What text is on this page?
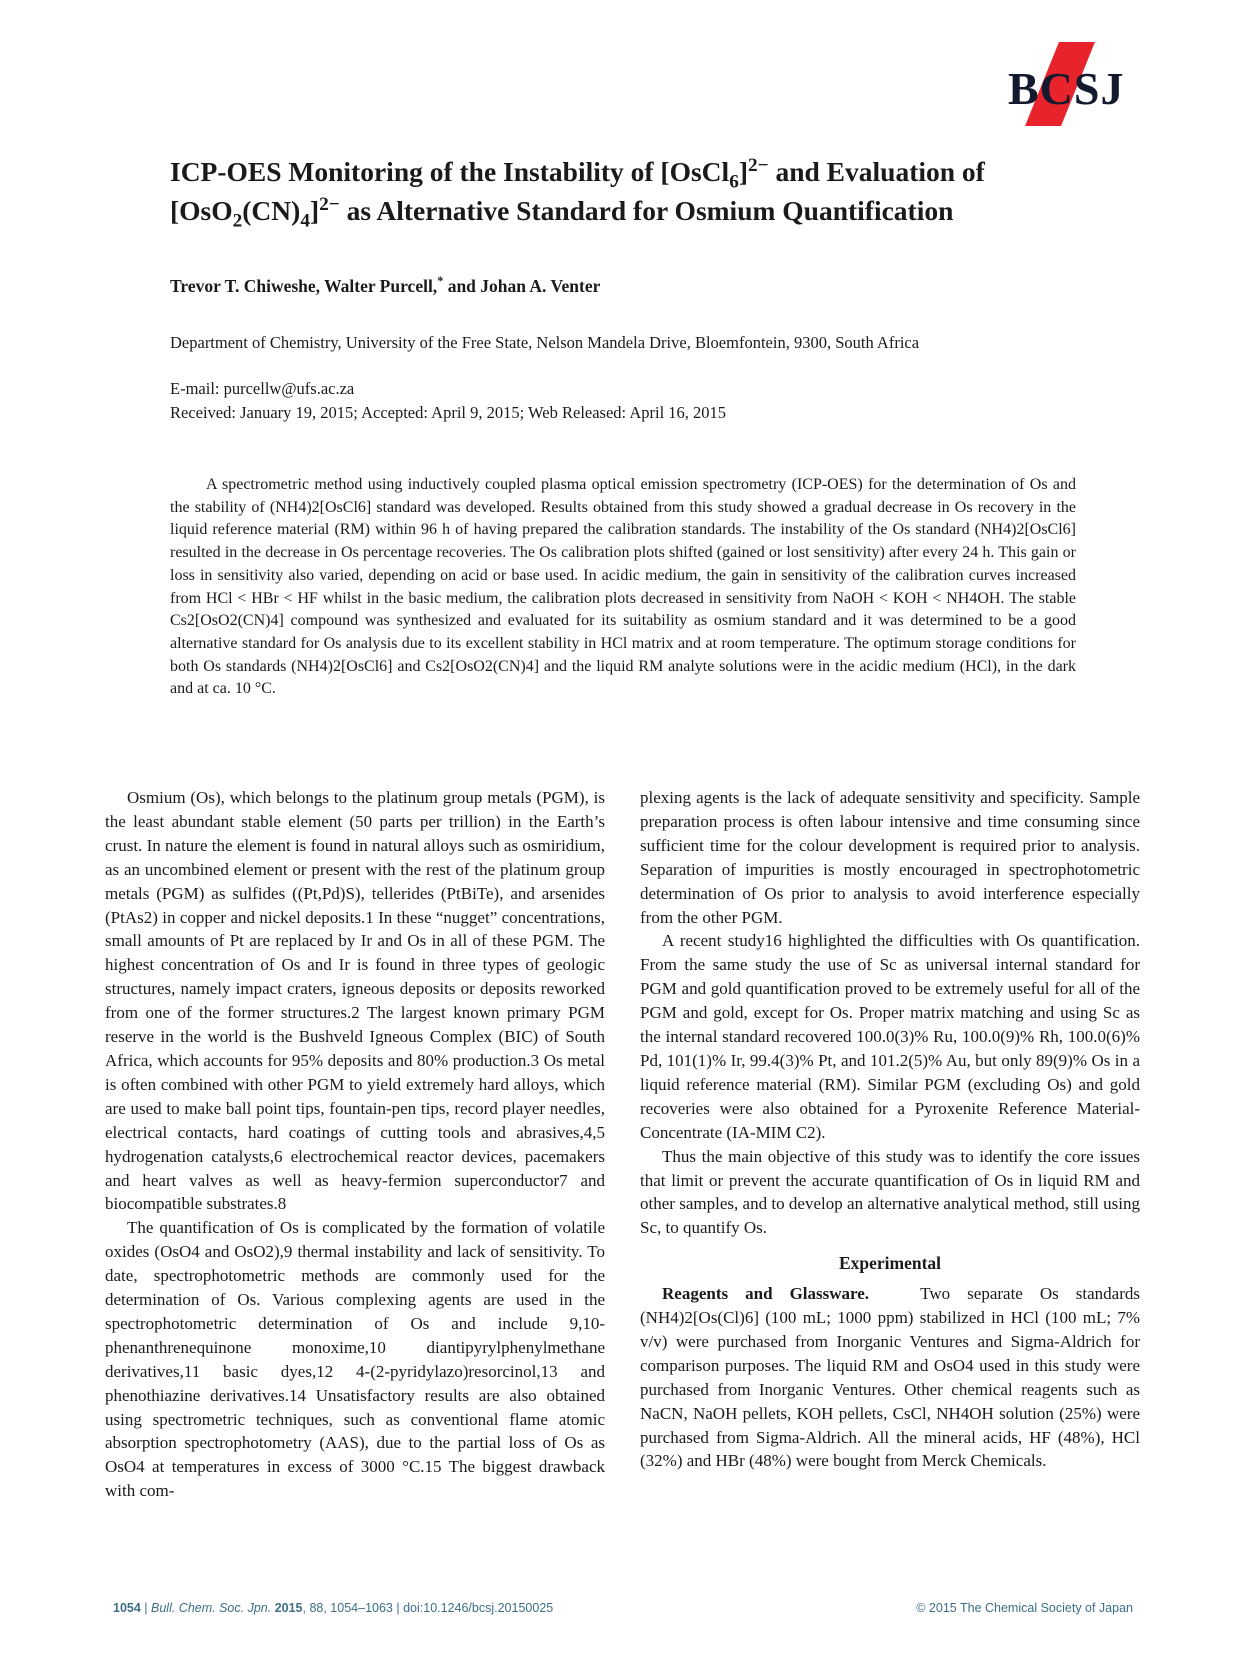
BCSJ
ICP-OES Monitoring of the Instability of [OsCl$_6$]$^{2-}$ and Evaluation of
$[OsO_2(CN)_4]^{2-}$ as Alternative Standard for Osmium Quantification
Trevor T. Chiweshe, Walter Purcell,* and Johan A. Venter
Department of Chemistry, University of the Free State, Nelson Mandela Drive, Bloemfontein, 9300, South Africa
E-mail: purcellw@ufs.ac.za
Received: January 19, 2015; Accepted: April 9, 2015; Web Released: April 16, 2015

A spectrometric method using inductively coupled plasma optical emission spectrometry (ICP-OES) for the determination of Os and the stability of (NH4)2[OsCl6] standard was developed. Results obtained from this study showed a gradual decrease in Os recovery in the liquid reference material (RM) within 96 h of having prepared the calibration standards. The instability of the Os standard (NH4)2[OsCl6] resulted in the decrease in Os percentage recoveries. The Os calibration plots shifted (gained or lost sensitivity) after every 24 h. This gain or loss in sensitivity also varied, depending on acid or base used. In acidic medium, the gain in sensitivity of the calibration curves increased from HCl < HBr < HF whilst in the basic medium, the calibration plots decreased in sensitivity from NaOH < KOH < NH4OH. The stable Cs2[OsO2(CN)4] compound was synthesized and evaluated for its suitability as osmium standard and it was determined to be a good alternative standard for Os analysis due to its excellent stability in HCl matrix and at room temperature. The optimum storage conditions for both Os standards (NH4)2[OsCl6] and Cs2[OsO2(CN)4] and the liquid RM analyte solutions were in the acidic medium (HCl), in the dark and at ca. 10 °C.

Osmium (Os), which belongs to the platinum group metals (PGM), is the least abundant stable element (50 parts per trillion) in the Earth’s crust. In nature the element is found in natural alloys such as osmiridium, as an uncombined element or present with the rest of the platinum group metals (PGM) as sulfides ((Pt,Pd)S), tellerides (PtBiTe), and arsenides (PtAs2) in copper and nickel deposits.1 In these “nugget” concentrations, small amounts of Pt are replaced by Ir and Os in all of these PGM. The highest concentration of Os and Ir is found in three types of geologic structures, namely impact craters, igneous deposits or deposits reworked from one of the former structures.2 The largest known primary PGM reserve in the world is the Bushveld Igneous Complex (BIC) of South Africa, which accounts for 95% deposits and 80% production.3 Os metal is often combined with other PGM to yield extremely hard alloys, which are used to make ball point tips, fountain-pen tips, record player needles, electrical contacts, hard coatings of cutting tools and abrasives,4,5 hydrogenation catalysts,6 electrochemical reactor devices, pacemakers and heart valves as well as heavy-fermion superconductor7 and biocompatible substrates.8

The quantification of Os is complicated by the formation of volatile oxides (OsO4 and OsO2),9 thermal instability and lack of sensitivity. To date, spectrophotometric methods are commonly used for the determination of Os. Various complexing agents are used in the spectrophotometric determination of Os and include 9,10-phenanthrenequinone monoxime,10 diantipyrylphenylmethane derivatives,11 basic dyes,12 4-(2-pyridylazo)resorcinol,13 and phenothiazine derivatives.14 Unsatisfactory results are also obtained using spectrometric techniques, such as conventional flame atomic absorption spectrophotometry (AAS), due to the partial loss of Os as OsO4 at temperatures in excess of 3000 °C.15 The biggest drawback with com-

plexing agents is the lack of adequate sensitivity and specificity. Sample preparation process is often labour intensive and time consuming since sufficient time for the colour development is required prior to analysis. Separation of impurities is mostly encouraged in spectrophotometric determination of Os prior to analysis to avoid interference especially from the other PGM.

A recent study16 highlighted the difficulties with Os quantification. From the same study the use of Sc as universal internal standard for PGM and gold quantification proved to be extremely useful for all of the PGM and gold, except for Os. Proper matrix matching and using Sc as the internal standard recovered 100.0(3)% Ru, 100.0(9)% Rh, 100.0(6)% Pd, 101(1)% Ir, 99.4(3)% Pt, and 101.2(5)% Au, but only 89(9)% Os in a liquid reference material (RM). Similar PGM (excluding Os) and gold recoveries were also obtained for a Pyroxenite Reference Material-Concentrate (IA-MIM C2).

Thus the main objective of this study was to identify the core issues that limit or prevent the accurate quantification of Os in liquid RM and other samples, and to develop an alternative analytical method, still using Sc, to quantify Os.

Experimental

Reagents and Glassware.	Two separate Os standards (NH4)2[Os(Cl)6] (100 mL; 1000 ppm) stabilized in HCl (100 mL; 7% v/v) were purchased from Inorganic Ventures and Sigma-Aldrich for comparison purposes. The liquid RM and OsO4 used in this study were purchased from Inorganic Ventures. Other chemical reagents such as NaCN, NaOH pellets, KOH pellets, CsCl, NH4OH solution (25%) were purchased from Sigma-Aldrich. All the mineral acids, HF (48%), HCl (32%) and HBr (48%) were bought from Merck Chemicals.

1054 | Bull. Chem. Soc. Jpn. 2015, 88, 1054–1063 | doi:10.1246/bcsj.20150025	© 2015 The Chemical Society of Japan
